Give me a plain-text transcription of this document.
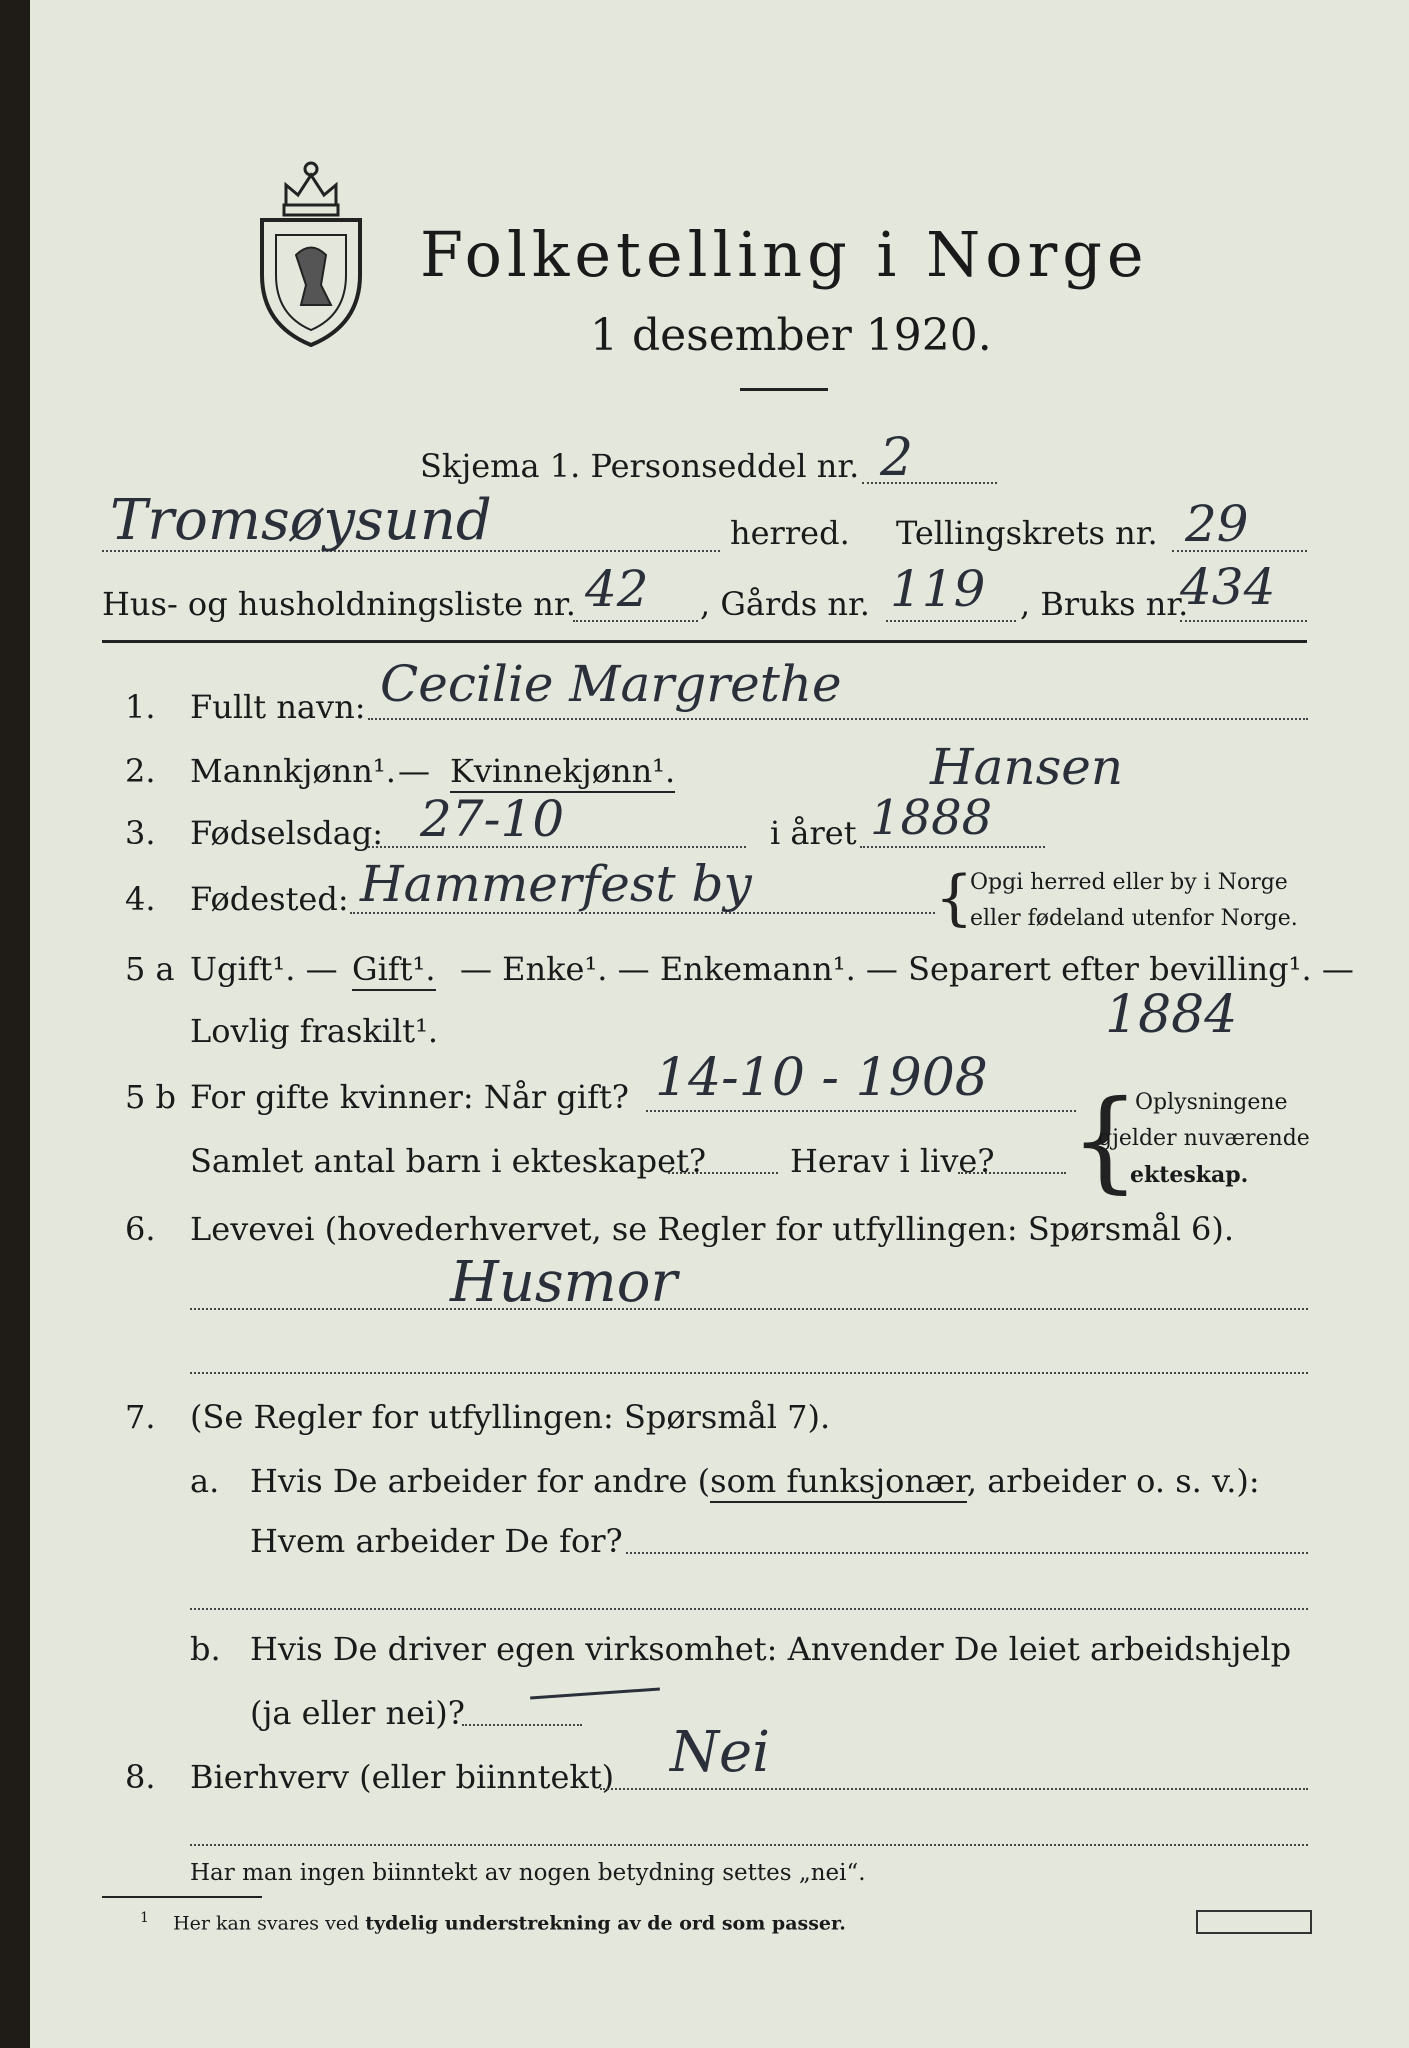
Folketelling i Norge
1 desember 1920.
Skjema 1. Personseddel nr. 2
Tromsøysund	herred. Tellingskrets nr. 29
Hus- og husholdningsliste nr. 42 , Gårds nr. 119 , Bruks nr.
434
1. Fullt navn: Cecilie Margrethe
Hansen
2. Mannkjønn¹. — Kvinnekjønn¹.
3. Fødselsdag: 27-10	i året 1888
4. Fødested: Hammerfest by	{
Opgi herred eller by i Norge
eller fødeland utenfor Norge.
5 a Ugift¹. — Gift¹. — Enke¹. — Enkemann¹. — Separert efter bevilling¹. —
Lovlig fraskilt¹.	1884
5 b For gifte kvinner: Når gift? 14-10 - 1908
Samlet antal barn i ekteskapet?	Herav i live? {
Oplysningene
gjelder nuværende
ekteskap.
6. Levevei (hovederhvervet, se Regler for utfyllingen: Spørsmål 6).
Husmor
7. (Se Regler for utfyllingen: Spørsmål 7).
a. Hvis De arbeider for andre (som funksjonær, arbeider o. s. v.):
Hvem arbeider De for?
b. Hvis De driver egen virksomhet: Anvender De leiet arbeidshjelp
(ja eller nei)?
8. Bierhverv (eller biinntekt) Nei
Har man ingen biinntekt av nogen betydning settes „nei“.
$^1$ Her kan svares ved tydelig understrekning av de ord som passer.
